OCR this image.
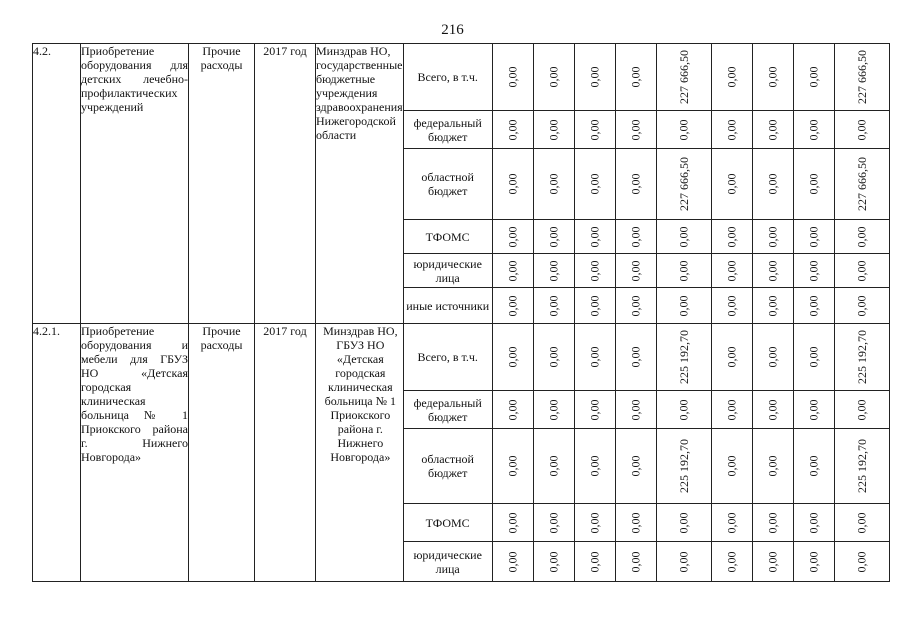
216
4.2.	Приобретение оборудования для детских лечебно-профилактических учреждений	Прочие расходы	2017 год	Минздрав НО, государственные бюджетные учреждения здравоохранения Нижегородской области	Всего, в т.ч.	0,00	0,00	0,00	0,00	227 666,50	0,00	0,00	0,00	227 666,50
					федеральный бюджет	0,00	0,00	0,00	0,00	0,00	0,00	0,00	0,00	0,00
					областной бюджет	0,00	0,00	0,00	0,00	227 666,50	0,00	0,00	0,00	227 666,50
					ТФОМС	0,00	0,00	0,00	0,00	0,00	0,00	0,00	0,00	0,00
					юридические лица	0,00	0,00	0,00	0,00	0,00	0,00	0,00	0,00	0,00
					иные источники	0,00	0,00	0,00	0,00	0,00	0,00	0,00	0,00	0,00
4.2.1.	Приобретение оборудования и мебели для ГБУЗ НО «Детская городская клиническая больница № 1 Приокского района г. Нижнего Новгорода»	Прочие расходы	2017 год	Минздрав НО, ГБУЗ НО «Детская городская клиническая больница № 1 Приокского района г. Нижнего Новгорода»	Всего, в т.ч.	0,00	0,00	0,00	0,00	225 192,70	0,00	0,00	0,00	225 192,70
					федеральный бюджет	0,00	0,00	0,00	0,00	0,00	0,00	0,00	0,00	0,00
					областной бюджет	0,00	0,00	0,00	0,00	225 192,70	0,00	0,00	0,00	225 192,70
					ТФОМС	0,00	0,00	0,00	0,00	0,00	0,00	0,00	0,00	0,00
					юридические лица	0,00	0,00	0,00	0,00	0,00	0,00	0,00	0,00	0,00
